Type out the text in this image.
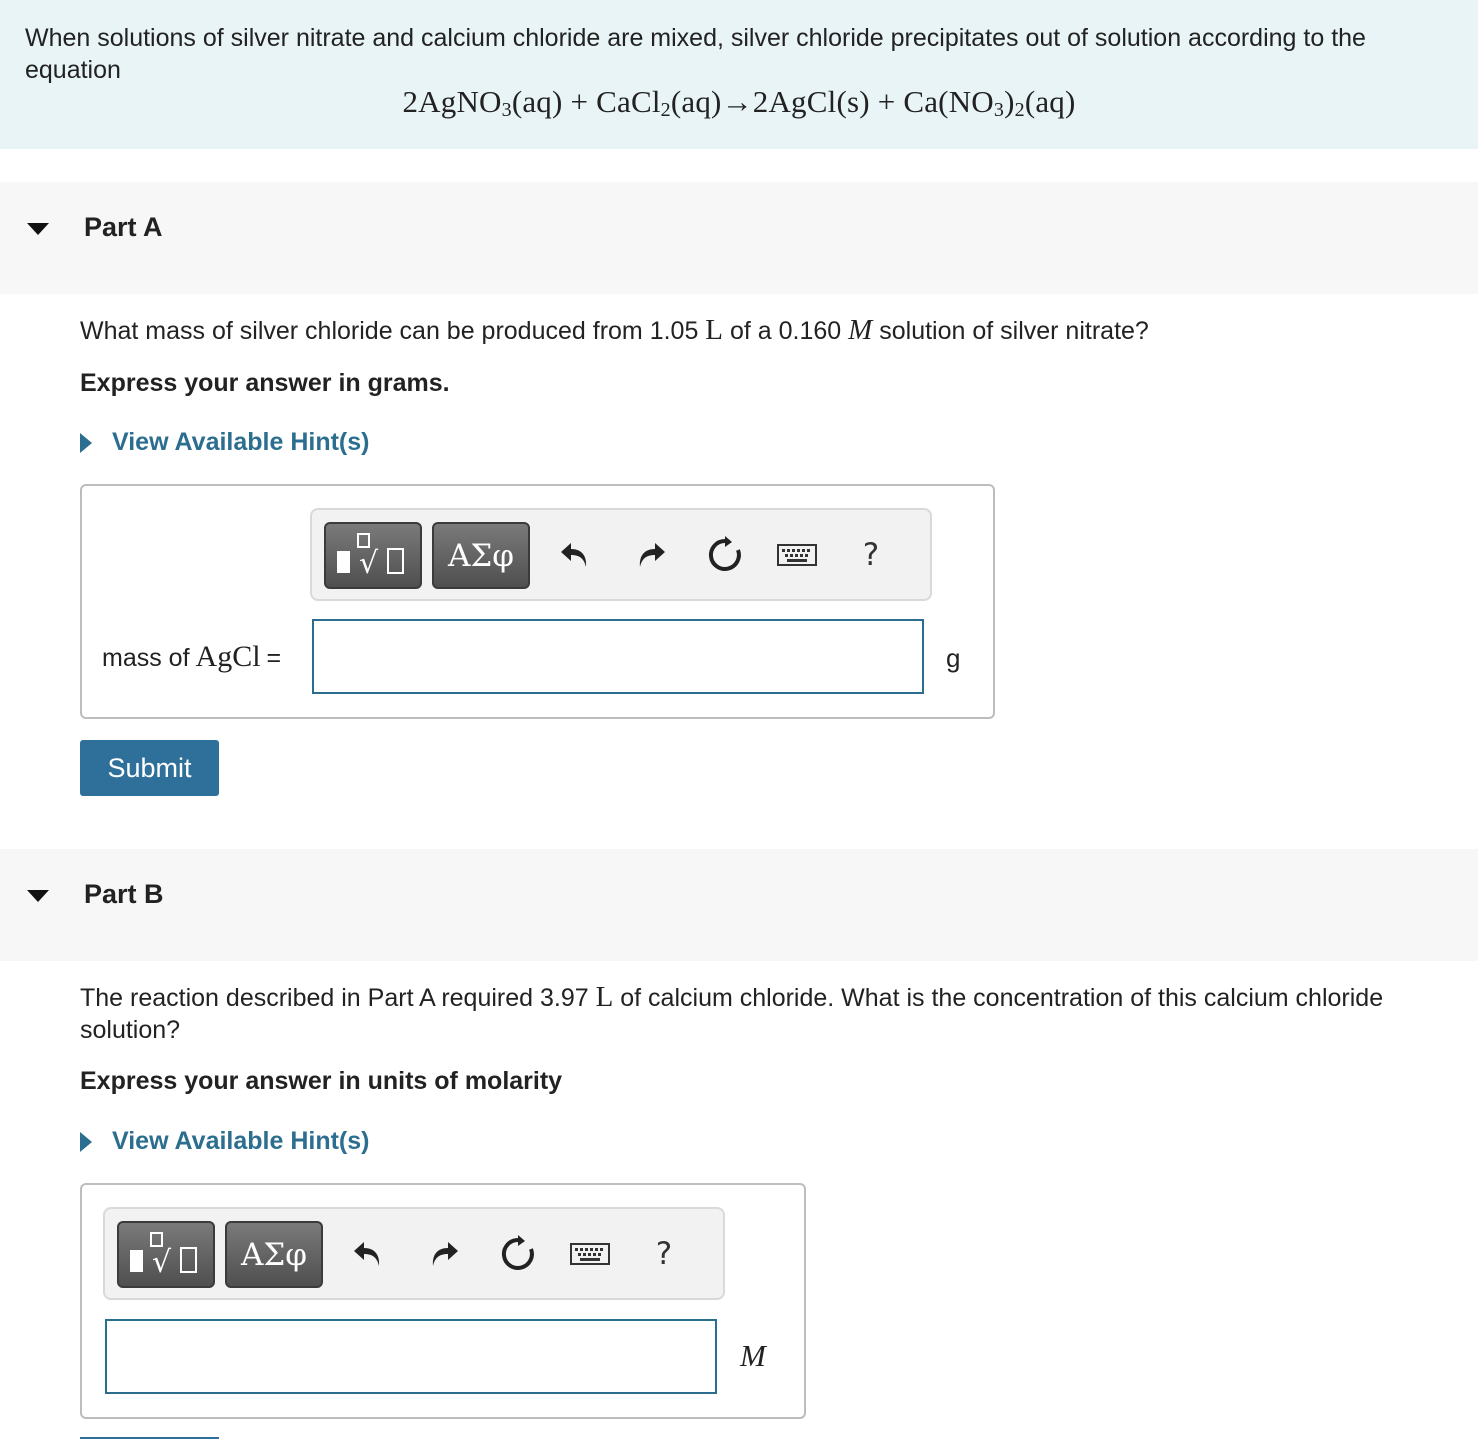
When solutions of silver nitrate and calcium chloride are mixed, silver chloride precipitates out of solution according to the equation
2AgNO$_3$(aq) + CaCl$_2$(aq)→2AgCl(s) + $Ca(NO_3)_2(aq)$
Part A
What mass of silver chloride can be produced from 1.05 L of a 0.160 M solution of silver nitrate?
Express your answer in grams.
View Available Hint(s)
√	ΑΣφ	?
mass of AgCl =	g
Submit
Part B
The reaction described in Part A required 3.97 L of calcium chloride. What is the concentration of this calcium chloride solution?
Express your answer in units of molarity
View Available Hint(s)
√	ΑΣφ	?
M
